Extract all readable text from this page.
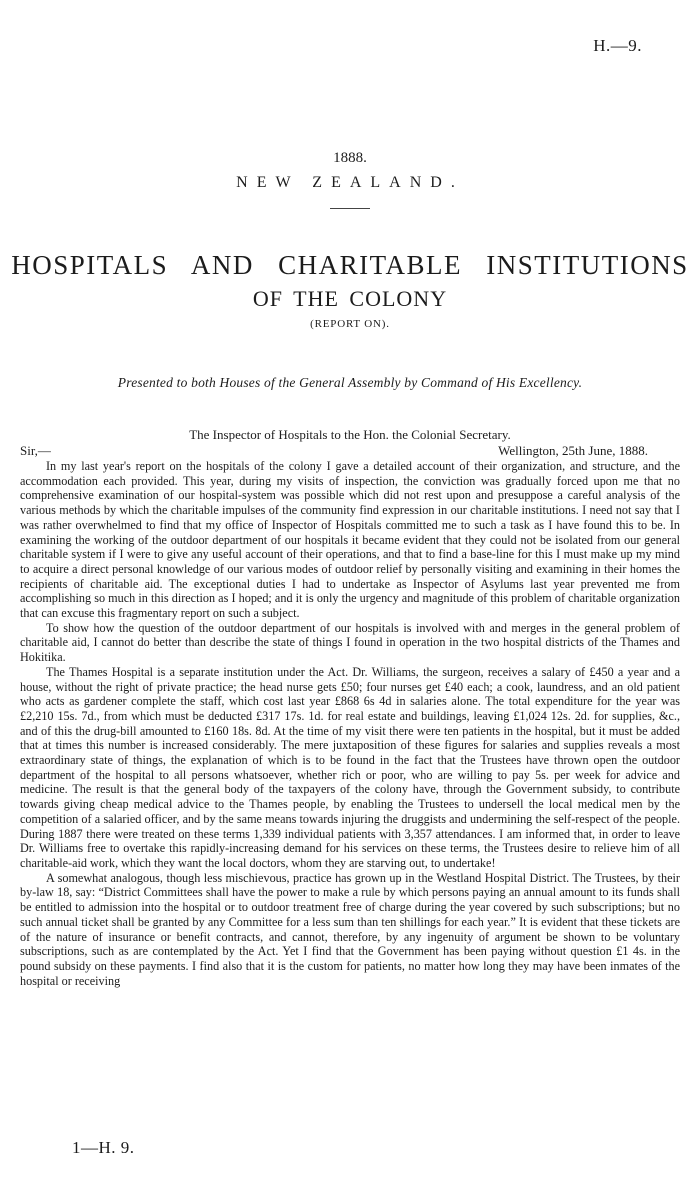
H.—9.
1888.
NEW ZEALAND.
HOSPITALS AND CHARITABLE INSTITUTIONS
OF THE COLONY
(REPORT ON).
Presented to both Houses of the General Assembly by Command of His Excellency.
The Inspector of Hospitals to the Hon. the Colonial Secretary.
Sir,—	Wellington, 25th June, 1888.

In my last year's report on the hospitals of the colony I gave a detailed account of their organization, and structure, and the accommodation each provided. This year, during my visits of inspection, the conviction was gradually forced upon me that no comprehensive examination of our hospital-system was possible which did not rest upon and presuppose a careful analysis of the various methods by which the charitable impulses of the community find expression in our charitable institutions. I need not say that I was rather overwhelmed to find that my office of Inspector of Hospitals committed me to such a task as I have found this to be. In examining the working of the outdoor department of our hospitals it became evident that they could not be isolated from our general charitable system if I were to give any useful account of their operations, and that to find a base-line for this I must make up my mind to acquire a direct personal knowledge of our various modes of outdoor relief by personally visiting and examining in their homes the recipients of charitable aid. The exceptional duties I had to undertake as Inspector of Asylums last year prevented me from accomplishing so much in this direction as I hoped; and it is only the urgency and magnitude of this problem of charitable organization that can excuse this fragmentary report on such a subject.

To show how the question of the outdoor department of our hospitals is involved with and merges in the general problem of charitable aid, I cannot do better than describe the state of things I found in operation in the two hospital districts of the Thames and Hokitika.

The Thames Hospital is a separate institution under the Act. Dr. Williams, the surgeon, receives a salary of £450 a year and a house, without the right of private practice; the head nurse gets £50; four nurses get £40 each; a cook, laundress, and an old patient who acts as gardener complete the staff, which cost last year £868 6s 4d in salaries alone. The total expenditure for the year was £2,210 15s. 7d., from which must be deducted £317 17s. 1d. for real estate and buildings, leaving £1,024 12s. 2d. for supplies, &c., and of this the drug-bill amounted to £160 18s. 8d. At the time of my visit there were ten patients in the hospital, but it must be added that at times this number is increased considerably. The mere juxtaposition of these figures for salaries and supplies reveals a most extraordinary state of things, the explanation of which is to be found in the fact that the Trustees have thrown open the outdoor department of the hospital to all persons whatsoever, whether rich or poor, who are willing to pay 5s. per week for advice and medicine. The result is that the general body of the taxpayers of the colony have, through the Government subsidy, to contribute towards giving cheap medical advice to the Thames people, by enabling the Trustees to undersell the local medical men by the competition of a salaried officer, and by the same means towards injuring the druggists and undermining the self-respect of the people. During 1887 there were treated on these terms 1,339 individual patients with 3,357 attendances. I am informed that, in order to leave Dr. Williams free to overtake this rapidly-increasing demand for his services on these terms, the Trustees desire to relieve him of all charitable-aid work, which they want the local doctors, whom they are starving out, to undertake!

A somewhat analogous, though less mischievous, practice has grown up in the Westland Hospital District. The Trustees, by their by-law 18, say: “District Committees shall have the power to make a rule by which persons paying an annual amount to its funds shall be entitled to admission into the hospital or to outdoor treatment free of charge during the year covered by such subscriptions; but no such annual ticket shall be granted by any Committee for a less sum than ten shillings for each year.” It is evident that these tickets are of the nature of insurance or benefit contracts, and cannot, therefore, by any ingenuity of argument be shown to be voluntary subscriptions, such as are contemplated by the Act. Yet I find that the Government has been paying without question £1 4s. in the pound subsidy on these payments. I find also that it is the custom for patients, no matter how long they may have been inmates of the hospital or receiving

1—H. 9.
